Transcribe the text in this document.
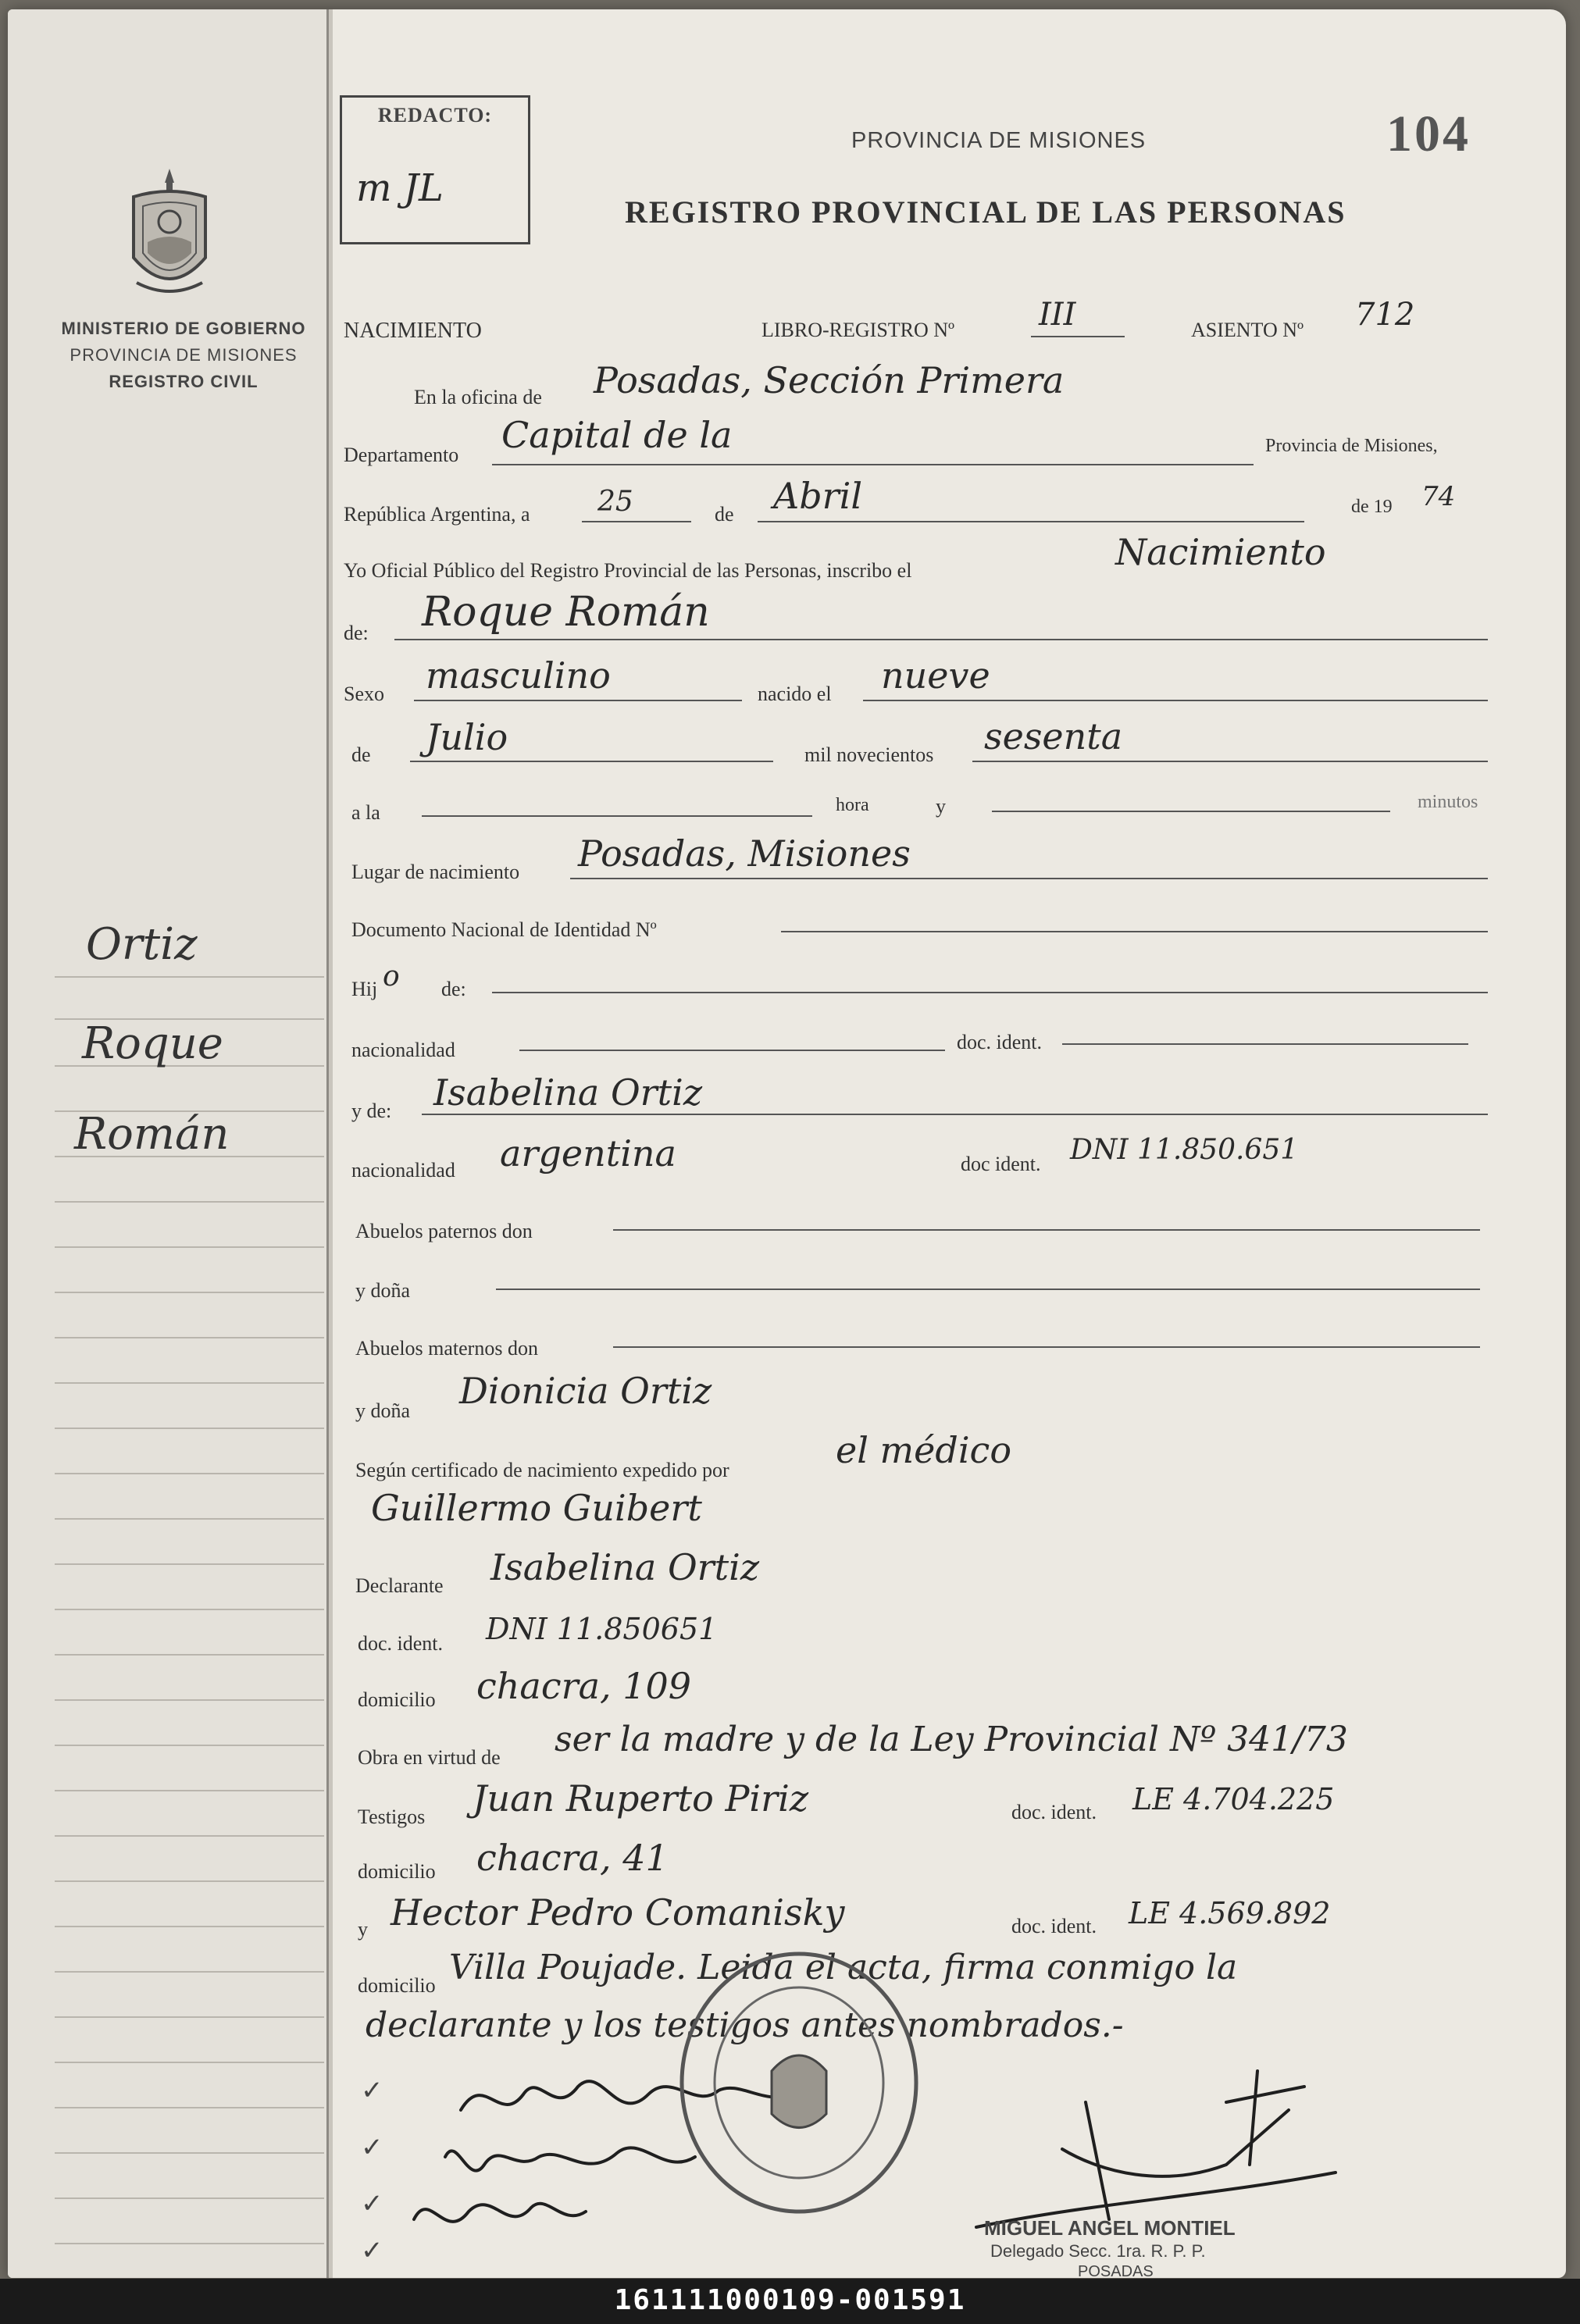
MINISTERIO DE GOBIERNO
PROVINCIA DE MISIONES
REGISTRO CIVIL
Ortiz
Roque
Román
REDACTO:
m JL
PROVINCIA DE MISIONES
REGISTRO PROVINCIAL DE LAS PERSONAS
104
NACIMIENTO	LIBRO-REGISTRO Nº	III	ASIENTO Nº 712
En la oficina de Posadas, Sección Primera
Departamento Capital de la	Provincia de Misiones,
República Argentina, a 25	de Abril	de 19 74
Yo Oficial Público del Registro Provincial de las Personas, inscribo el	Nacimiento
de: Roque Román
Sexo masculino	nacido el nueve
de Julio	mil novecientos sesenta
a la	hora	y	minutos
Lugar de nacimiento Posadas, Misiones
Documento Nacional de Identidad Nº
Hij o de:
nacionalidad	doc. ident.
y de: Isabelina Ortiz
nacionalidad argentina	doc ident. DNI 11.850.651
Abuelos paternos don
y doña
Abuelos maternos don
y doña Dionicia Ortiz
Según certificado de nacimiento expedido por	el médico
Guillermo Guibert
Declarante Isabelina Ortiz
doc. ident. DNI 11.850651
domicilio chacra, 109
Obra en virtud de ser la madre y de la Ley Provincial Nº 341/73
Testigos Juan Ruperto Piriz	doc. ident. LE 4.704.225
domicilio chacra, 41
y Hector Pedro Comanisky	doc. ident. LE 4.569.892
domicilio Villa Poujade. Leida el acta, firma conmigo la
declarante y los testigos antes nombrados.-
✓
✓
✓
✓
MIGUEL ANGEL MONTIEL
Delegado Secc. 1ra. R. P. P.
POSADAS
161111000109-001591
